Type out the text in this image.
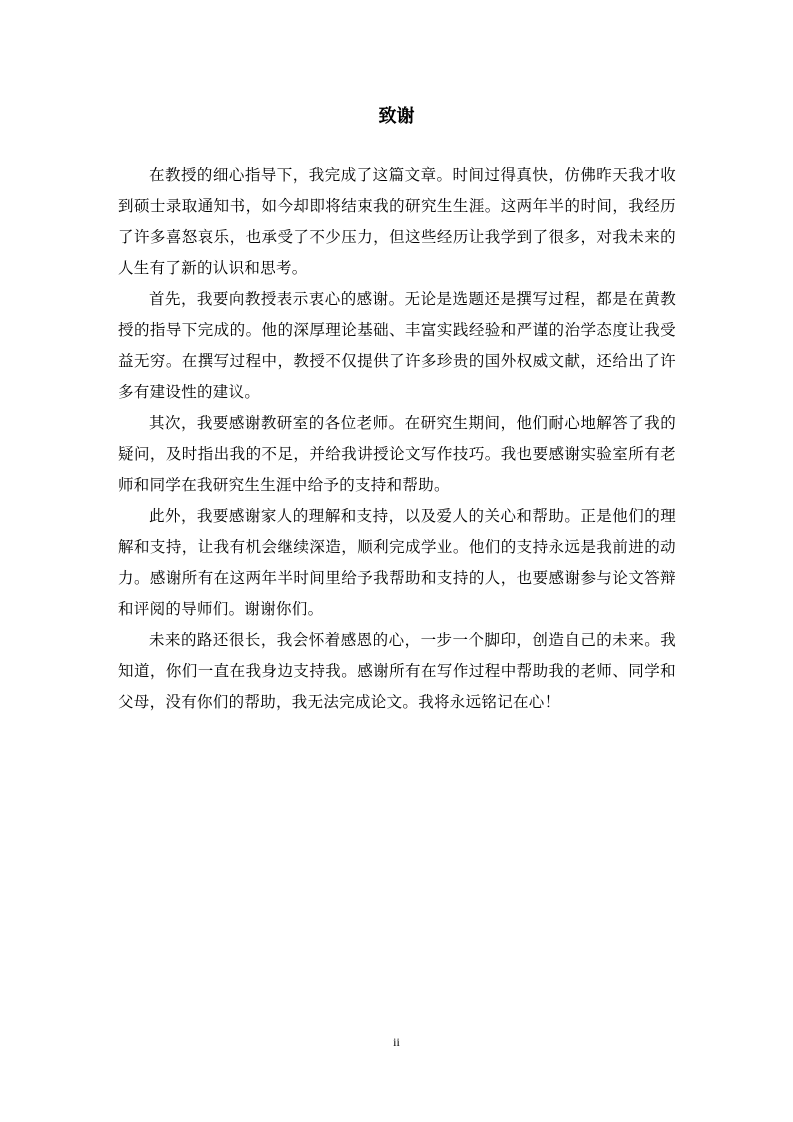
致谢

在教授的细心指导下，我完成了这篇文章。时间过得真快，仿佛昨天我才收到硕士录取通知书，如今却即将结束我的研究生生涯。这两年半的时间，我经历了许多喜怒哀乐，也承受了不少压力，但这些经历让我学到了很多，对我未来的人生有了新的认识和思考。

首先，我要向教授表示衷心的感谢。无论是选题还是撰写过程，都是在黄教授的指导下完成的。他的深厚理论基础、丰富实践经验和严谨的治学态度让我受益无穷。在撰写过程中，教授不仅提供了许多珍贵的国外权威文献，还给出了许多有建设性的建议。

其次，我要感谢教研室的各位老师。在研究生期间，他们耐心地解答了我的疑问，及时指出我的不足，并给我讲授论文写作技巧。我也要感谢实验室所有老师和同学在我研究生生涯中给予的支持和帮助。

此外，我要感谢家人的理解和支持，以及爱人的关心和帮助。正是他们的理解和支持，让我有机会继续深造，顺利完成学业。他们的支持永远是我前进的动力。感谢所有在这两年半时间里给予我帮助和支持的人，也要感谢参与论文答辩和评阅的导师们。谢谢你们。

未来的路还很长，我会怀着感恩的心，一步一个脚印，创造自己的未来。我知道，你们一直在我身边支持我。感谢所有在写作过程中帮助我的老师、同学和父母，没有你们的帮助，我无法完成论文。我将永远铭记在心！

ii
